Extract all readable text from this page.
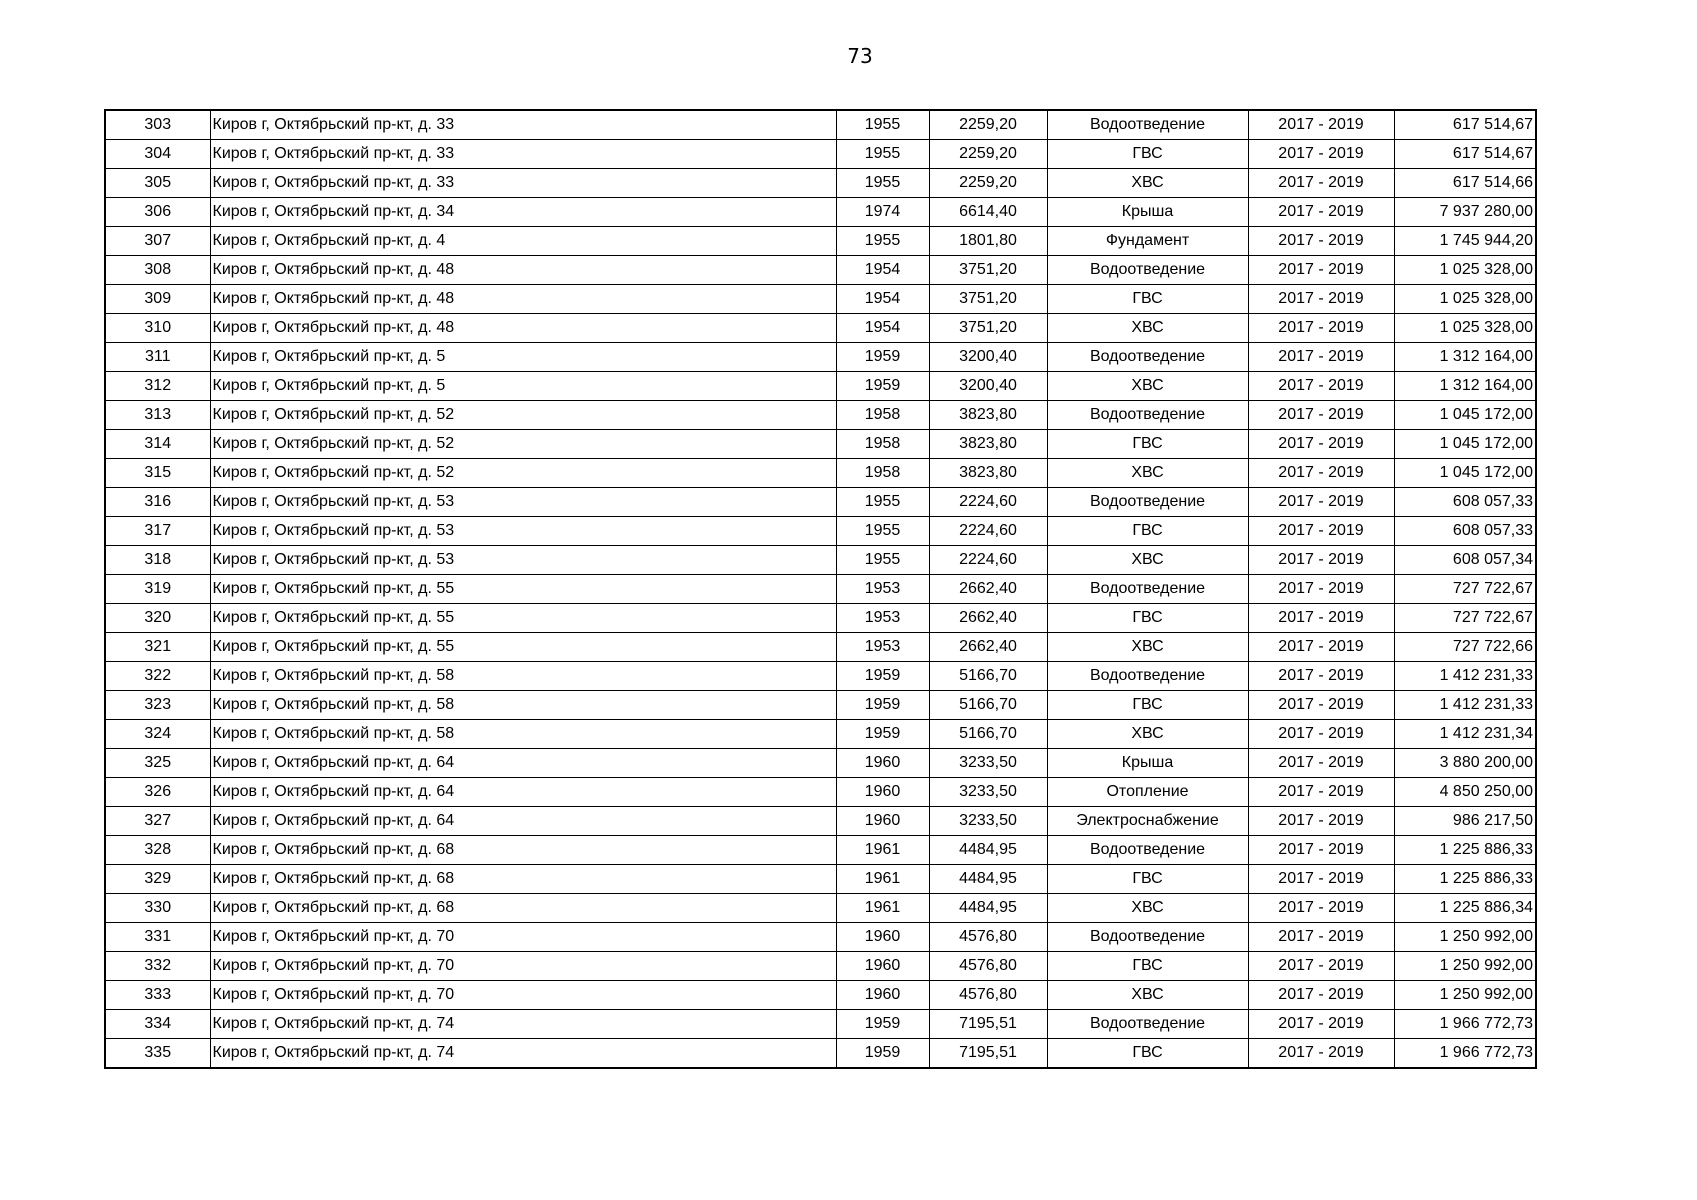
73
303	Киров г, Октябрьский пр-кт, д. 33	1955	2259,20	Водоотведение	2017 - 2019	617 514,67
304	Киров г, Октябрьский пр-кт, д. 33	1955	2259,20	ГВС	2017 - 2019	617 514,67
305	Киров г, Октябрьский пр-кт, д. 33	1955	2259,20	ХВС	2017 - 2019	617 514,66
306	Киров г, Октябрьский пр-кт, д. 34	1974	6614,40	Крыша	2017 - 2019	7 937 280,00
307	Киров г, Октябрьский пр-кт, д. 4	1955	1801,80	Фундамент	2017 - 2019	1 745 944,20
308	Киров г, Октябрьский пр-кт, д. 48	1954	3751,20	Водоотведение	2017 - 2019	1 025 328,00
309	Киров г, Октябрьский пр-кт, д. 48	1954	3751,20	ГВС	2017 - 2019	1 025 328,00
310	Киров г, Октябрьский пр-кт, д. 48	1954	3751,20	ХВС	2017 - 2019	1 025 328,00
311	Киров г, Октябрьский пр-кт, д. 5	1959	3200,40	Водоотведение	2017 - 2019	1 312 164,00
312	Киров г, Октябрьский пр-кт, д. 5	1959	3200,40	ХВС	2017 - 2019	1 312 164,00
313	Киров г, Октябрьский пр-кт, д. 52	1958	3823,80	Водоотведение	2017 - 2019	1 045 172,00
314	Киров г, Октябрьский пр-кт, д. 52	1958	3823,80	ГВС	2017 - 2019	1 045 172,00
315	Киров г, Октябрьский пр-кт, д. 52	1958	3823,80	ХВС	2017 - 2019	1 045 172,00
316	Киров г, Октябрьский пр-кт, д. 53	1955	2224,60	Водоотведение	2017 - 2019	608 057,33
317	Киров г, Октябрьский пр-кт, д. 53	1955	2224,60	ГВС	2017 - 2019	608 057,33
318	Киров г, Октябрьский пр-кт, д. 53	1955	2224,60	ХВС	2017 - 2019	608 057,34
319	Киров г, Октябрьский пр-кт, д. 55	1953	2662,40	Водоотведение	2017 - 2019	727 722,67
320	Киров г, Октябрьский пр-кт, д. 55	1953	2662,40	ГВС	2017 - 2019	727 722,67
321	Киров г, Октябрьский пр-кт, д. 55	1953	2662,40	ХВС	2017 - 2019	727 722,66
322	Киров г, Октябрьский пр-кт, д. 58	1959	5166,70	Водоотведение	2017 - 2019	1 412 231,33
323	Киров г, Октябрьский пр-кт, д. 58	1959	5166,70	ГВС	2017 - 2019	1 412 231,33
324	Киров г, Октябрьский пр-кт, д. 58	1959	5166,70	ХВС	2017 - 2019	1 412 231,34
325	Киров г, Октябрьский пр-кт, д. 64	1960	3233,50	Крыша	2017 - 2019	3 880 200,00
326	Киров г, Октябрьский пр-кт, д. 64	1960	3233,50	Отопление	2017 - 2019	4 850 250,00
327	Киров г, Октябрьский пр-кт, д. 64	1960	3233,50	Электроснабжение	2017 - 2019	986 217,50
328	Киров г, Октябрьский пр-кт, д. 68	1961	4484,95	Водоотведение	2017 - 2019	1 225 886,33
329	Киров г, Октябрьский пр-кт, д. 68	1961	4484,95	ГВС	2017 - 2019	1 225 886,33
330	Киров г, Октябрьский пр-кт, д. 68	1961	4484,95	ХВС	2017 - 2019	1 225 886,34
331	Киров г, Октябрьский пр-кт, д. 70	1960	4576,80	Водоотведение	2017 - 2019	1 250 992,00
332	Киров г, Октябрьский пр-кт, д. 70	1960	4576,80	ГВС	2017 - 2019	1 250 992,00
333	Киров г, Октябрьский пр-кт, д. 70	1960	4576,80	ХВС	2017 - 2019	1 250 992,00
334	Киров г, Октябрьский пр-кт, д. 74	1959	7195,51	Водоотведение	2017 - 2019	1 966 772,73
335	Киров г, Октябрьский пр-кт, д. 74	1959	7195,51	ГВС	2017 - 2019	1 966 772,73
